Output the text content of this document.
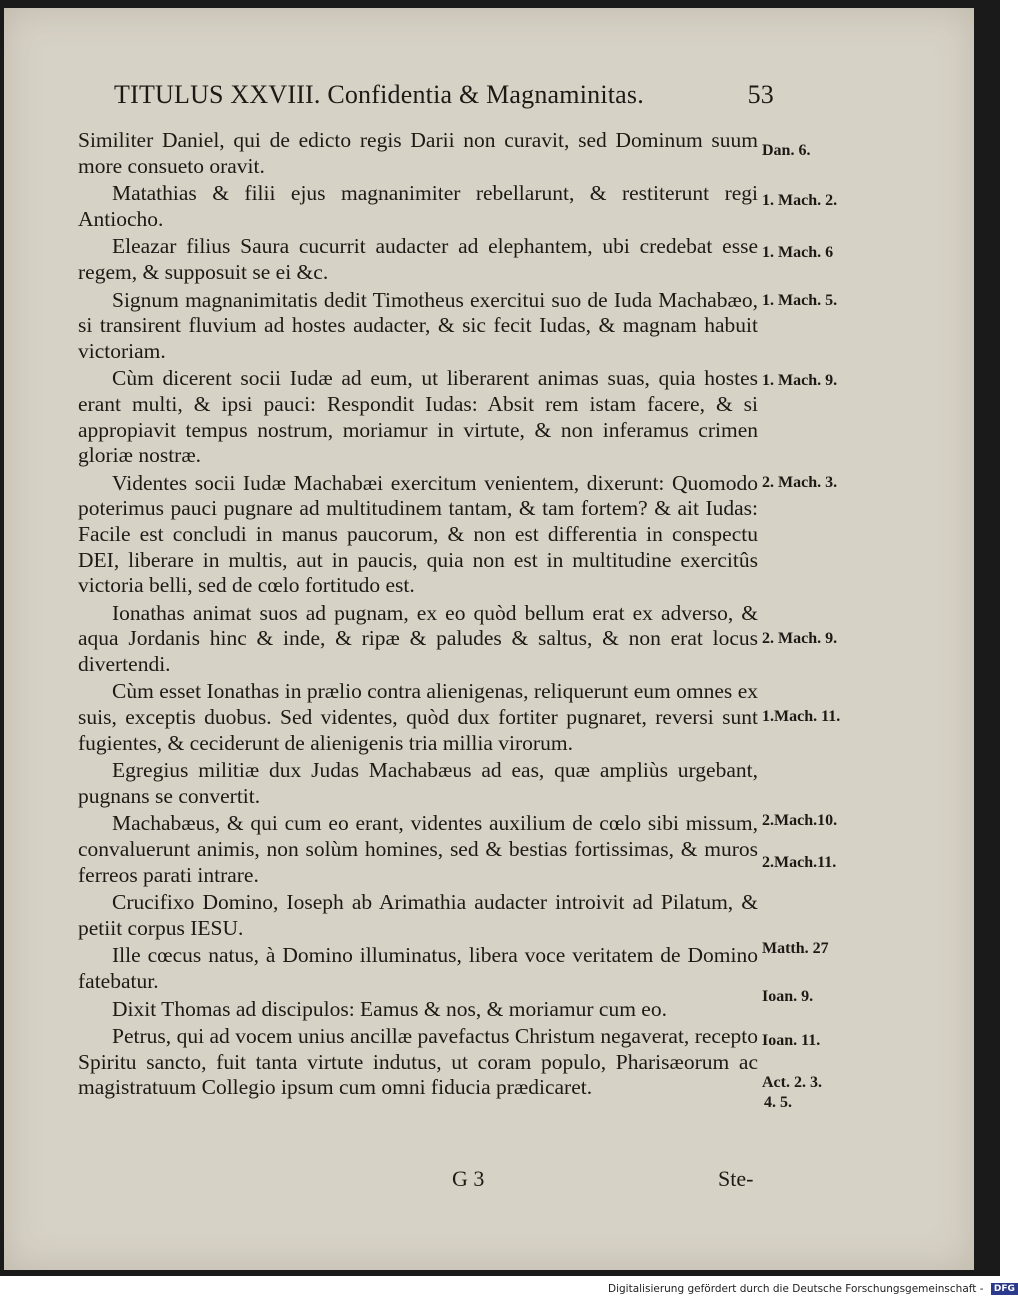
TITULUS XXVIII. Confidentia & Magnaminitas.	53

Similiter Daniel, qui de edicto regis Darii non curavit, sed Dominum suum more consueto oravit.

Matathias & filii ejus magnanimiter rebellarunt, & restiterunt regi Antiocho.

Eleazar filius Saura cucurrit audacter ad elephantem, ubi credebat esse regem, & supposuit se ei &c.

Signum magnanimitatis dedit Timotheus exercitui suo de Iuda Machabæo, si transirent fluvium ad hostes audacter, & sic fecit Iudas, & magnam habuit victoriam.

Cùm dicerent socii Iudæ ad eum, ut liberarent animas suas, quia hostes erant multi, & ipsi pauci: Respondit Iudas: Absit rem istam facere, & si appropiavit tempus nostrum, moriamur in virtute, & non inferamus crimen gloriæ nostræ.

Videntes socii Iudæ Machabæi exercitum venientem, dixerunt: Quomodo poterimus pauci pugnare ad multitudinem tantam, & tam fortem? & ait Iudas: Facile est concludi in manus paucorum, & non est differentia in conspectu DEI, liberare in multis, aut in paucis, quia non est in multitudine exercitûs victoria belli, sed de cœlo fortitudo est.

Ionathas animat suos ad pugnam, ex eo quòd bellum erat ex adverso, & aqua Jordanis hinc & inde, & ripæ & paludes & saltus, & non erat locus divertendi.

Cùm esset Ionathas in prælio contra alienigenas, reliquerunt eum omnes ex suis, exceptis duobus. Sed videntes, quòd dux fortiter pugnaret, reversi sunt fugientes, & ceciderunt de alienigenis tria millia virorum.

Egregius militiæ dux Judas Machabæus ad eas, quæ ampliùs urgebant, pugnans se convertit.

Machabæus, & qui cum eo erant, videntes auxilium de cœlo sibi missum, convaluerunt animis, non solùm homines, sed & bestias fortissimas, & muros ferreos parati intrare.

Crucifixo Domino, Ioseph ab Arimathia audacter introivit ad Pilatum, & petiit corpus IESU.

Ille cœcus natus, à Domino illuminatus, libera voce veritatem de Domino fatebatur.

Dixit Thomas ad discipulos: Eamus & nos, & moriamur cum eo.

Petrus, qui ad vocem unius ancillæ pavefactus Christum negaverat, recepto Spiritu sancto, fuit tanta virtute indutus, ut coram populo, Pharisæorum ac magistratuum Collegio ipsum cum omni fiducia prædicaret.

Dan. 6.
1. Mach. 2.
1. Mach. 6
1. Mach. 5.
1. Mach. 9.
2. Mach. 3.
2. Mach. 9.
1.Mach. 11.
2.Mach.10.
2.Mach.11.
Matth. 27
Ioan. 9.
Ioan. 11.
Act. 2. 3.
4. 5.
G 3	Ste-
Digitalisierung gefördert durch die Deutsche Forschungsgemeinschaft - DFG
